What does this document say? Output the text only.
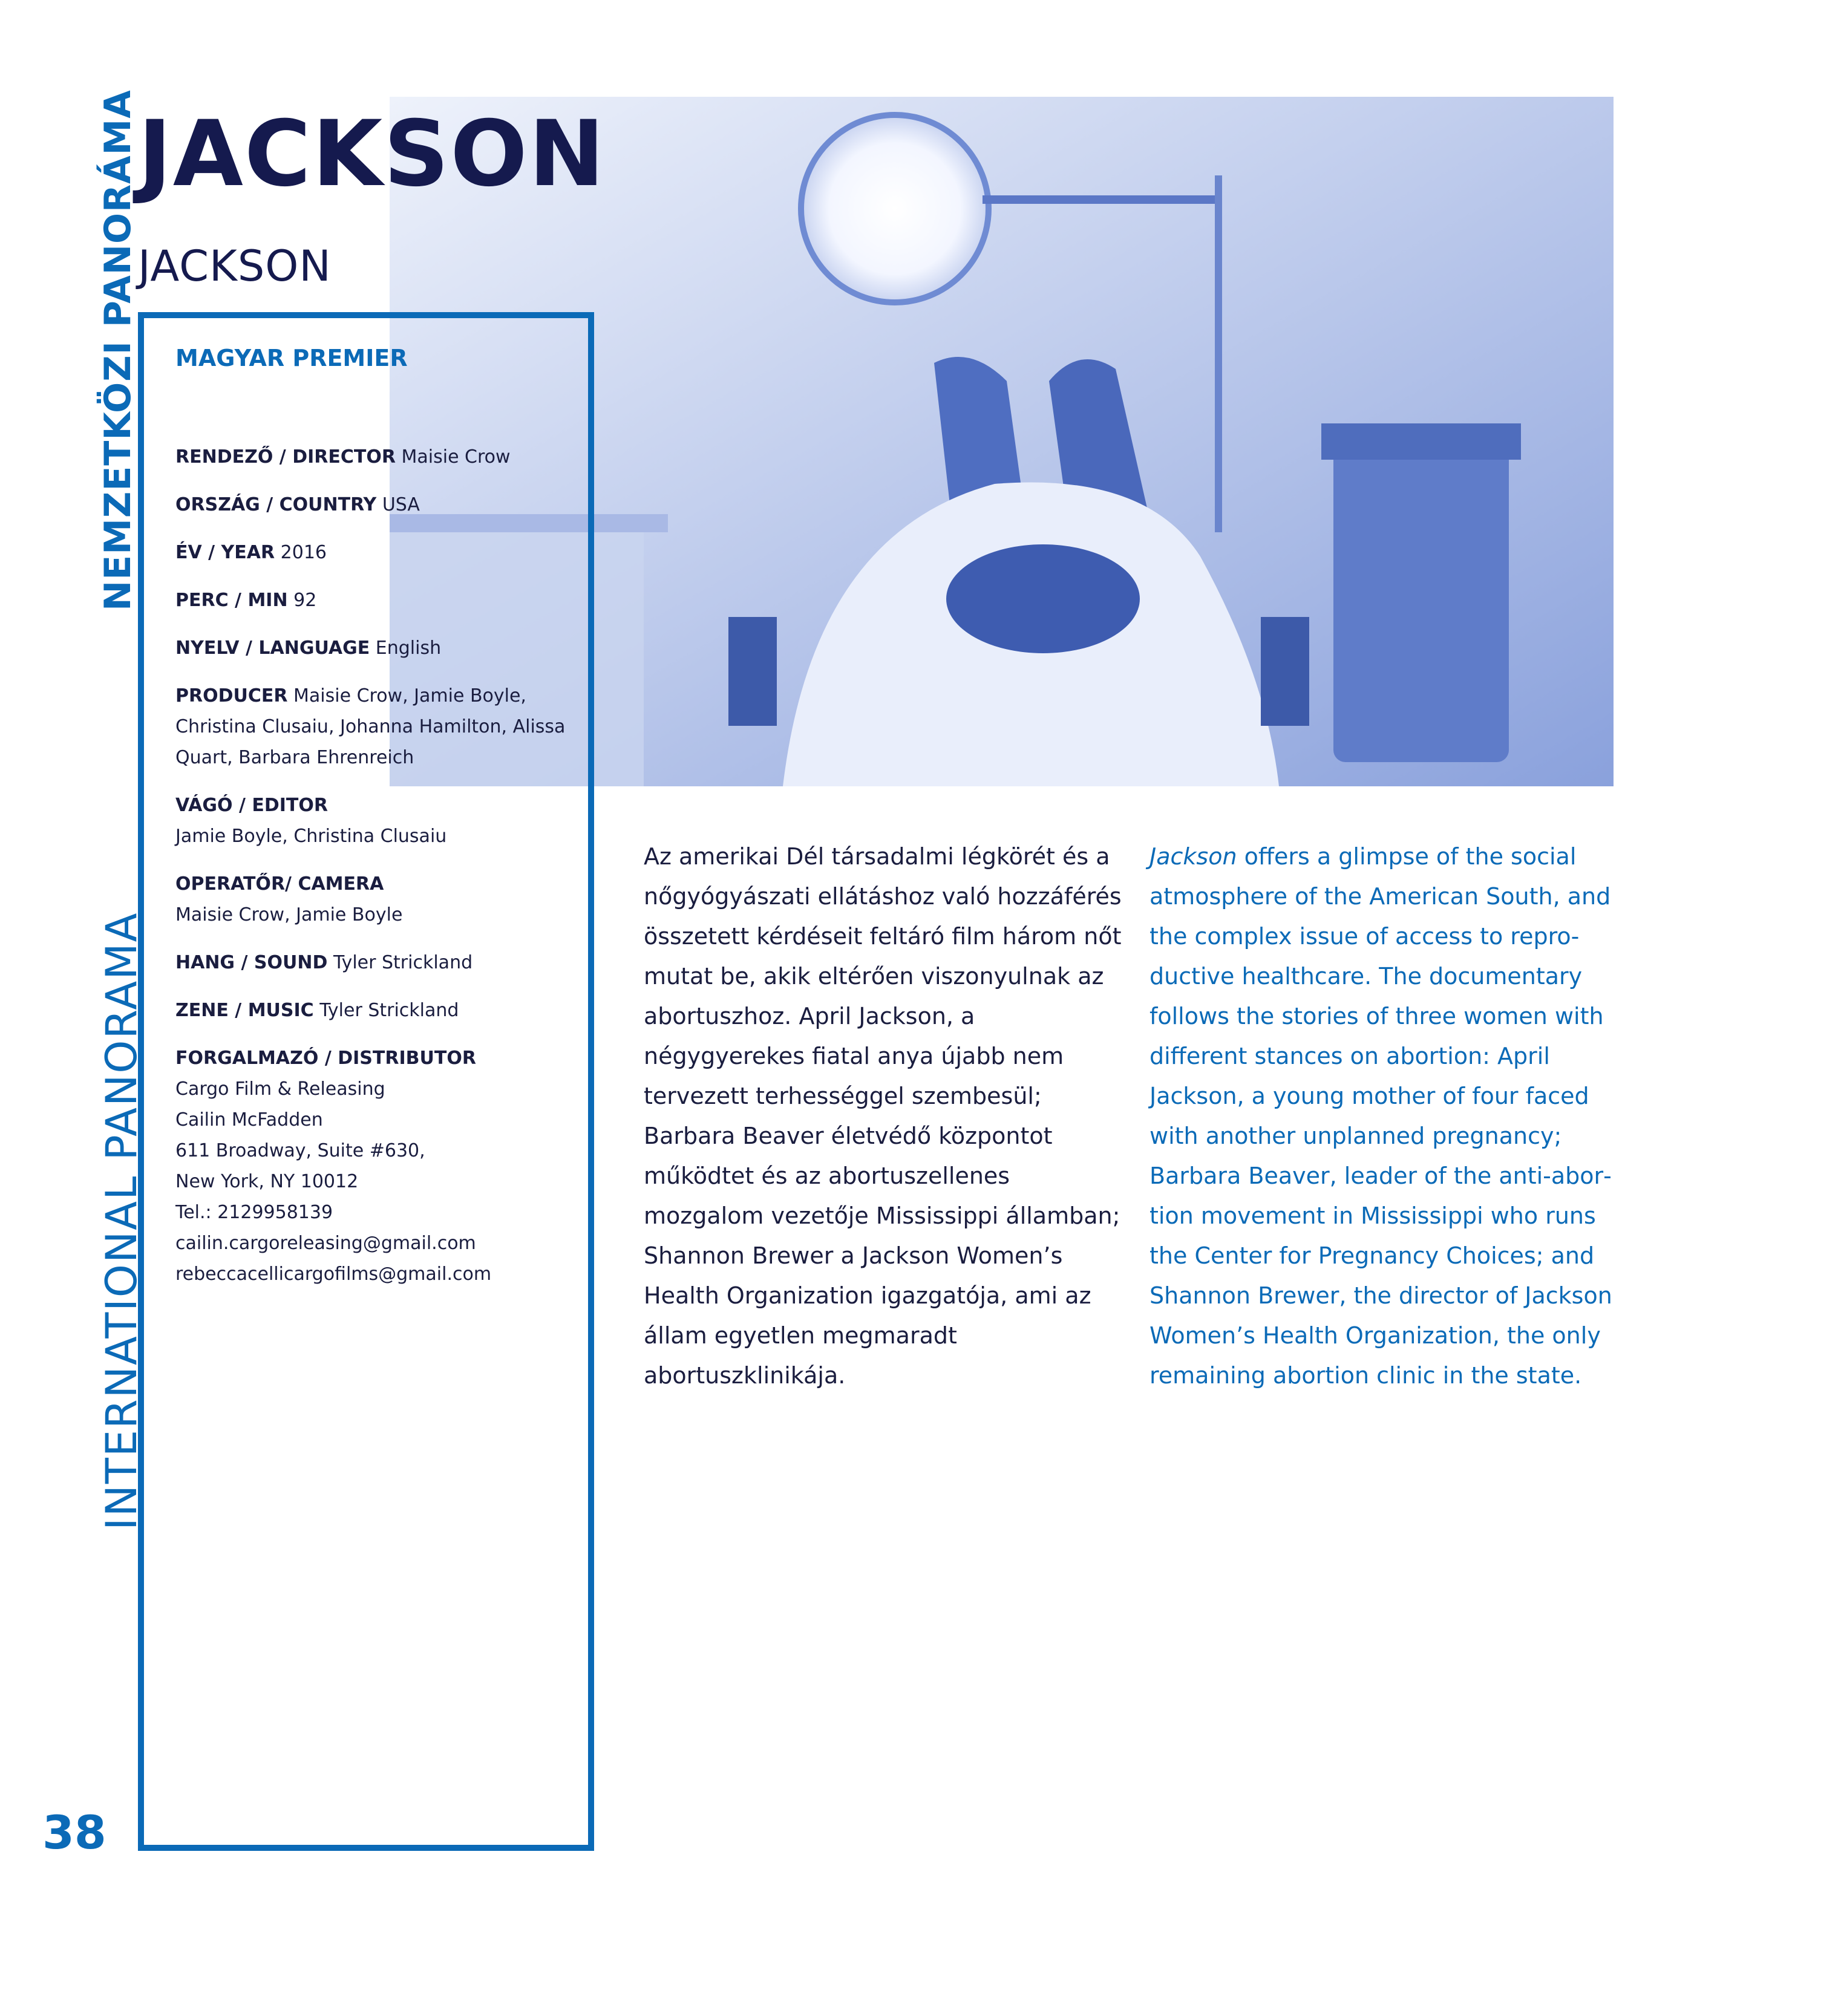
NEMZETKÖZI PANORÁMA
INTERNATIONAL PANORAMA
38
JACKSON
JACKSON
MAGYAR PREMIER
RENDEZŐ / DIRECTOR Maisie Crow
ORSZÁG / COUNTRY USA
ÉV / YEAR 2016
PERC / MIN 92
NYELV / LANGUAGE English
PRODUCER Maisie Crow, Jamie Boyle, Christina Clusaiu, Johanna Hamilton, Alissa Quart, Barbara Ehrenreich
VÁGÓ / EDITOR
Jamie Boyle, Christina Clusaiu
OPERATŐR/ CAMERA
Maisie Crow, Jamie Boyle
HANG / SOUND Tyler Strickland
ZENE / MUSIC Tyler Strickland
FORGALMAZÓ / DISTRIBUTOR
Cargo Film & Releasing
Cailin McFadden
611 Broadway, Suite #630,
New York, NY 10012
Tel.: 2129958139
cailin.cargoreleasing@gmail.com
rebeccacellicargofilms@gmail.com
Az amerikai Dél társadalmi légkörét és a nőgyógyászati ellátáshoz való hozzáférés összetett kérdéseit feltáró film három nőt mutat be, akik eltérően viszonyulnak az abortuszhoz. April Jackson, a négygyerekes fiatal anya újabb nem tervezett terhességgel szembesül; Barbara Beaver életvédő központot működtet és az abortuszellenes mozgalom vezetője Mississippi államban; Shannon Brewer a Jackson Women’s Health Organization igazgatója, ami az állam egyetlen megmaradt abortuszklinikája.
Jackson offers a glimpse of the social atmosphere of the American South, and the complex issue of access to reproductive healthcare. The documentary follows the stories of three women with different stances on abortion: April Jackson, a young mother of four faced with another unplanned pregnancy; Barbara Beaver, leader of the anti-abortion movement in Mississippi who runs the Center for Pregnancy Choices; and Shannon Brewer, the director of Jackson Women’s Health Organization, the only remaining abortion clinic in the state.
